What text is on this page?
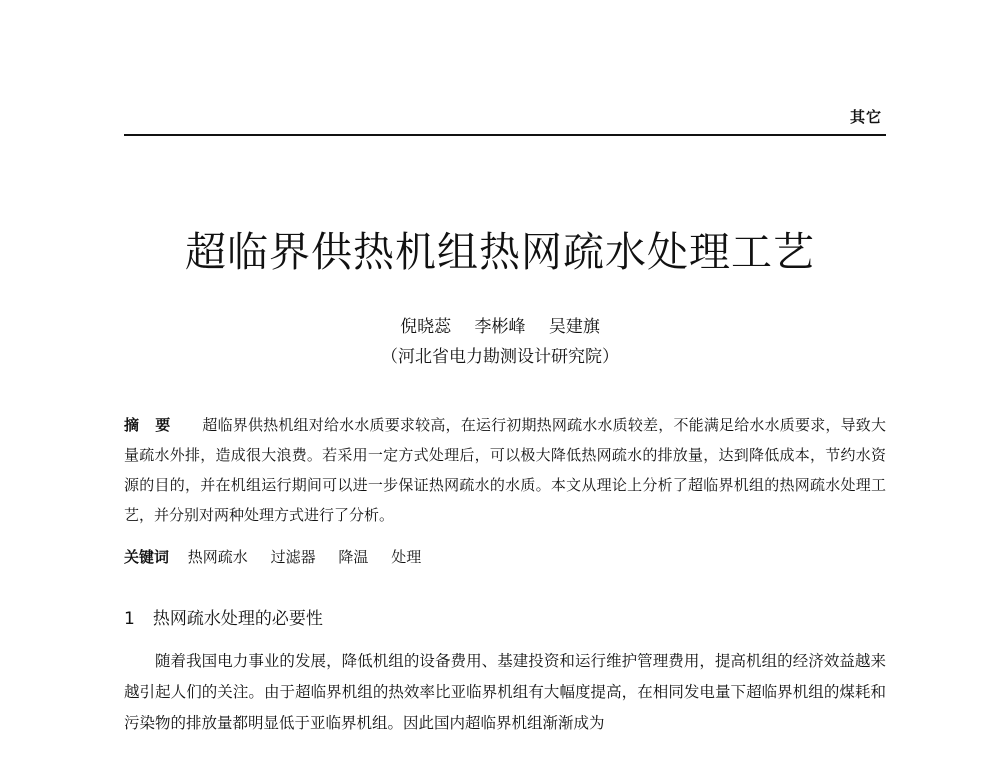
其它
超临界供热机组热网疏水处理工艺
倪晓蕊 李彬峰 吴建旗
（河北省电力勘测设计研究院）
摘要 超临界供热机组对给水水质要求较高，在运行初期热网疏水水质较差，不能满足给水水质要求，导致大量疏水外排，造成很大浪费。若采用一定方式处理后，可以极大降低热网疏水的排放量，达到降低成本，节约水资源的目的，并在机组运行期间可以进一步保证热网疏水的水质。本文从理论上分析了超临界机组的热网疏水处理工艺，并分别对两种处理方式进行了分析。
关键词 热网疏水 过滤器 降温 处理
1 热网疏水处理的必要性
随着我国电力事业的发展，降低机组的设备费用、基建投资和运行维护管理费用，提高机组的经济效益越来越引起人们的关注。由于超临界机组的热效率比亚临界机组有大幅度提高，在相同发电量下超临界机组的煤耗和污染物的排放量都明显低于亚临界机组。因此国内超临界机组渐渐成为
